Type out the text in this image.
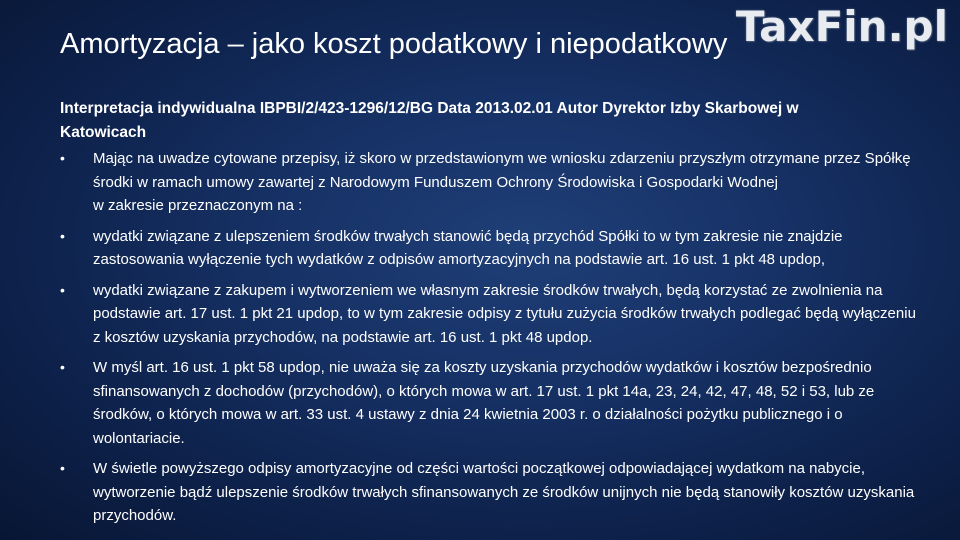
TaxFin.pl
Amortyzacja – jako koszt podatkowy i niepodatkowy
Interpretacja indywidualna IBPBI/2/423-1296/12/BG Data 2013.02.01 Autor Dyrektor Izby Skarbowej w Katowicach
• Mając na uwadze cytowane przepisy, iż skoro w przedstawionym we wniosku zdarzeniu przyszłym otrzymane przez Spółkę środki w ramach umowy zawartej z Narodowym Funduszem Ochrony Środowiska i Gospodarki Wodnej
w zakresie przeznaczonym na :
• wydatki związane z ulepszeniem środków trwałych stanowić będą przychód Spółki to w tym zakresie nie znajdzie zastosowania wyłączenie tych wydatków z odpisów amortyzacyjnych na podstawie art. 16 ust. 1 pkt 48 updop,
• wydatki związane z zakupem i wytworzeniem we własnym zakresie środków trwałych, będą korzystać ze zwolnienia na podstawie art. 17 ust. 1 pkt 21 updop, to w tym zakresie odpisy z tytułu zużycia środków trwałych podlegać będą wyłączeniu z kosztów uzyskania przychodów, na podstawie art. 16 ust. 1 pkt 48 updop.
• W myśl art. 16 ust. 1 pkt 58 updop, nie uważa się za koszty uzyskania przychodów wydatków i kosztów bezpośrednio sfinansowanych z dochodów (przychodów), o których mowa w art. 17 ust. 1 pkt 14a, 23, 24, 42, 47, 48, 52 i 53, lub ze środków, o których mowa w art. 33 ust. 4 ustawy z dnia 24 kwietnia 2003 r. o działalności pożytku publicznego i o wolontariacie.
• W świetle powyższego odpisy amortyzacyjne od części wartości początkowej odpowiadającej wydatkom na nabycie, wytworzenie bądź ulepszenie środków trwałych sfinansowanych ze środków unijnych nie będą stanowiły kosztów uzyskania przychodów.
